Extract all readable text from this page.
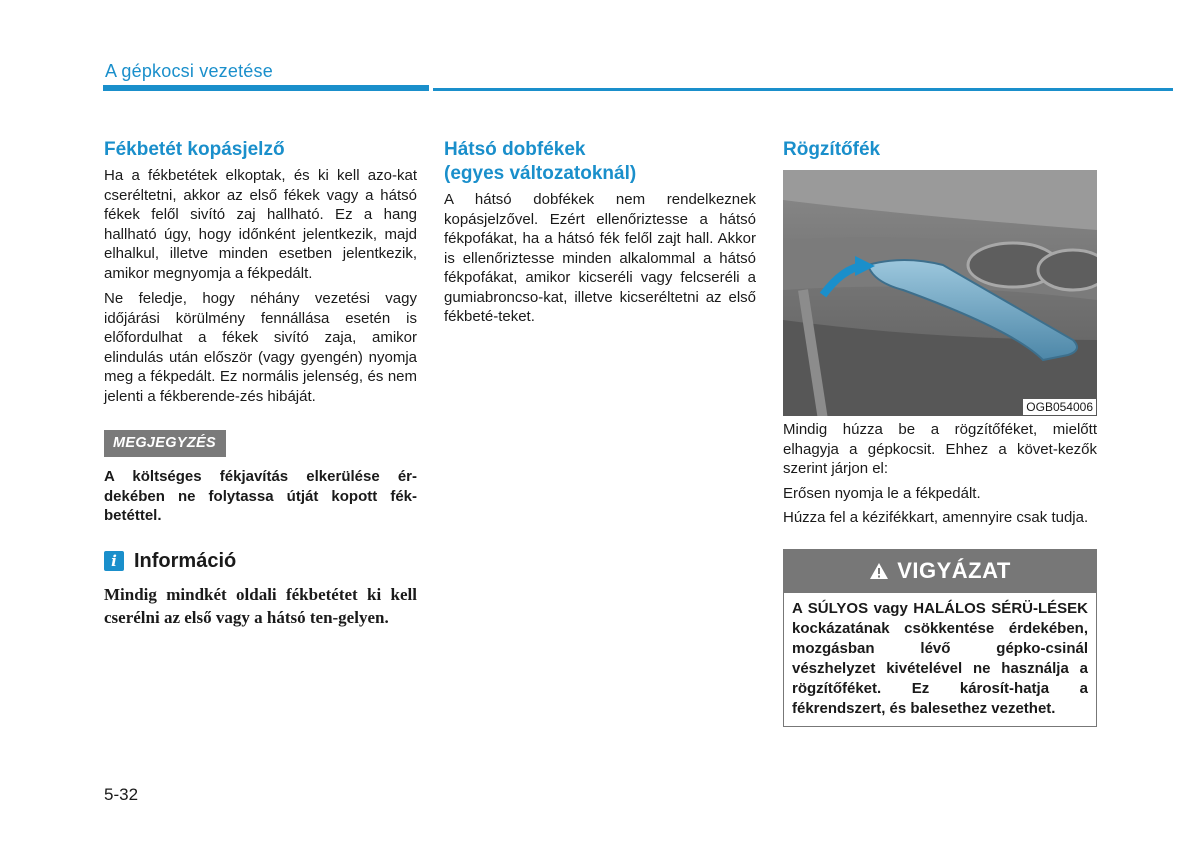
A gépkocsi vezetése
Fékbetét kopásjelző

Ha a fékbetétek elkoptak, és ki kell azo-kat cseréltetni, akkor az első fékek vagy a hátsó fékek felől sivító zaj hallható. Ez a hang hallható úgy, hogy időnként jelentkezik, majd elhalkul, illetve minden esetben jelentkezik, amikor megnyomja a fékpedált.

Ne feledje, hogy néhány vezetési vagy időjárási körülmény fennállása esetén is előfordulhat a fékek sivító zaja, amikor elindulás után először (vagy gyengén) nyomja meg a fékpedált. Ez normális jelenség, és nem jelenti a fékberende-zés hibáját.

MEGJEGYZÉS
A költséges fékjavítás elkerülése ér-dekében ne folytassa útját kopott fék-betéttel.
i Információ
Mindig mindkét oldali fékbetétet ki kell cserélni az első vagy a hátsó ten-gelyen.
Hátsó dobfékek
(egyes változatoknál)

A hátsó dobfékek nem rendelkeznek kopásjelzővel. Ezért ellenőriztesse a hátsó fékpofákat, ha a hátsó fék felől zajt hall. Akkor is ellenőriztesse minden alkalommal a hátsó fékpofákat, amikor kicseréli vagy felcseréli a gumiabroncso-kat, illetve kicseréltetni az első fékbeté-teket.

Rögzítőfék
OGB054006

Mindig húzza be a rögzítőféket, mielőtt elhagyja a gépkocsit. Ehhez a követ-kezők szerint járjon el:

Erősen nyomja le a fékpedált.

Húzza fel a kézifékkart, amennyire csak tudja.

VIGYÁZAT
A SÚLYOS vagy HALÁLOS SÉRÜ-LÉSEK kockázatának csökkentése érdekében, mozgásban lévő gépko-csinál vészhelyzet kivételével ne használja a rögzítőféket. Ez károsít-hatja a fékrendszert, és balesethez vezethet.
5-32
